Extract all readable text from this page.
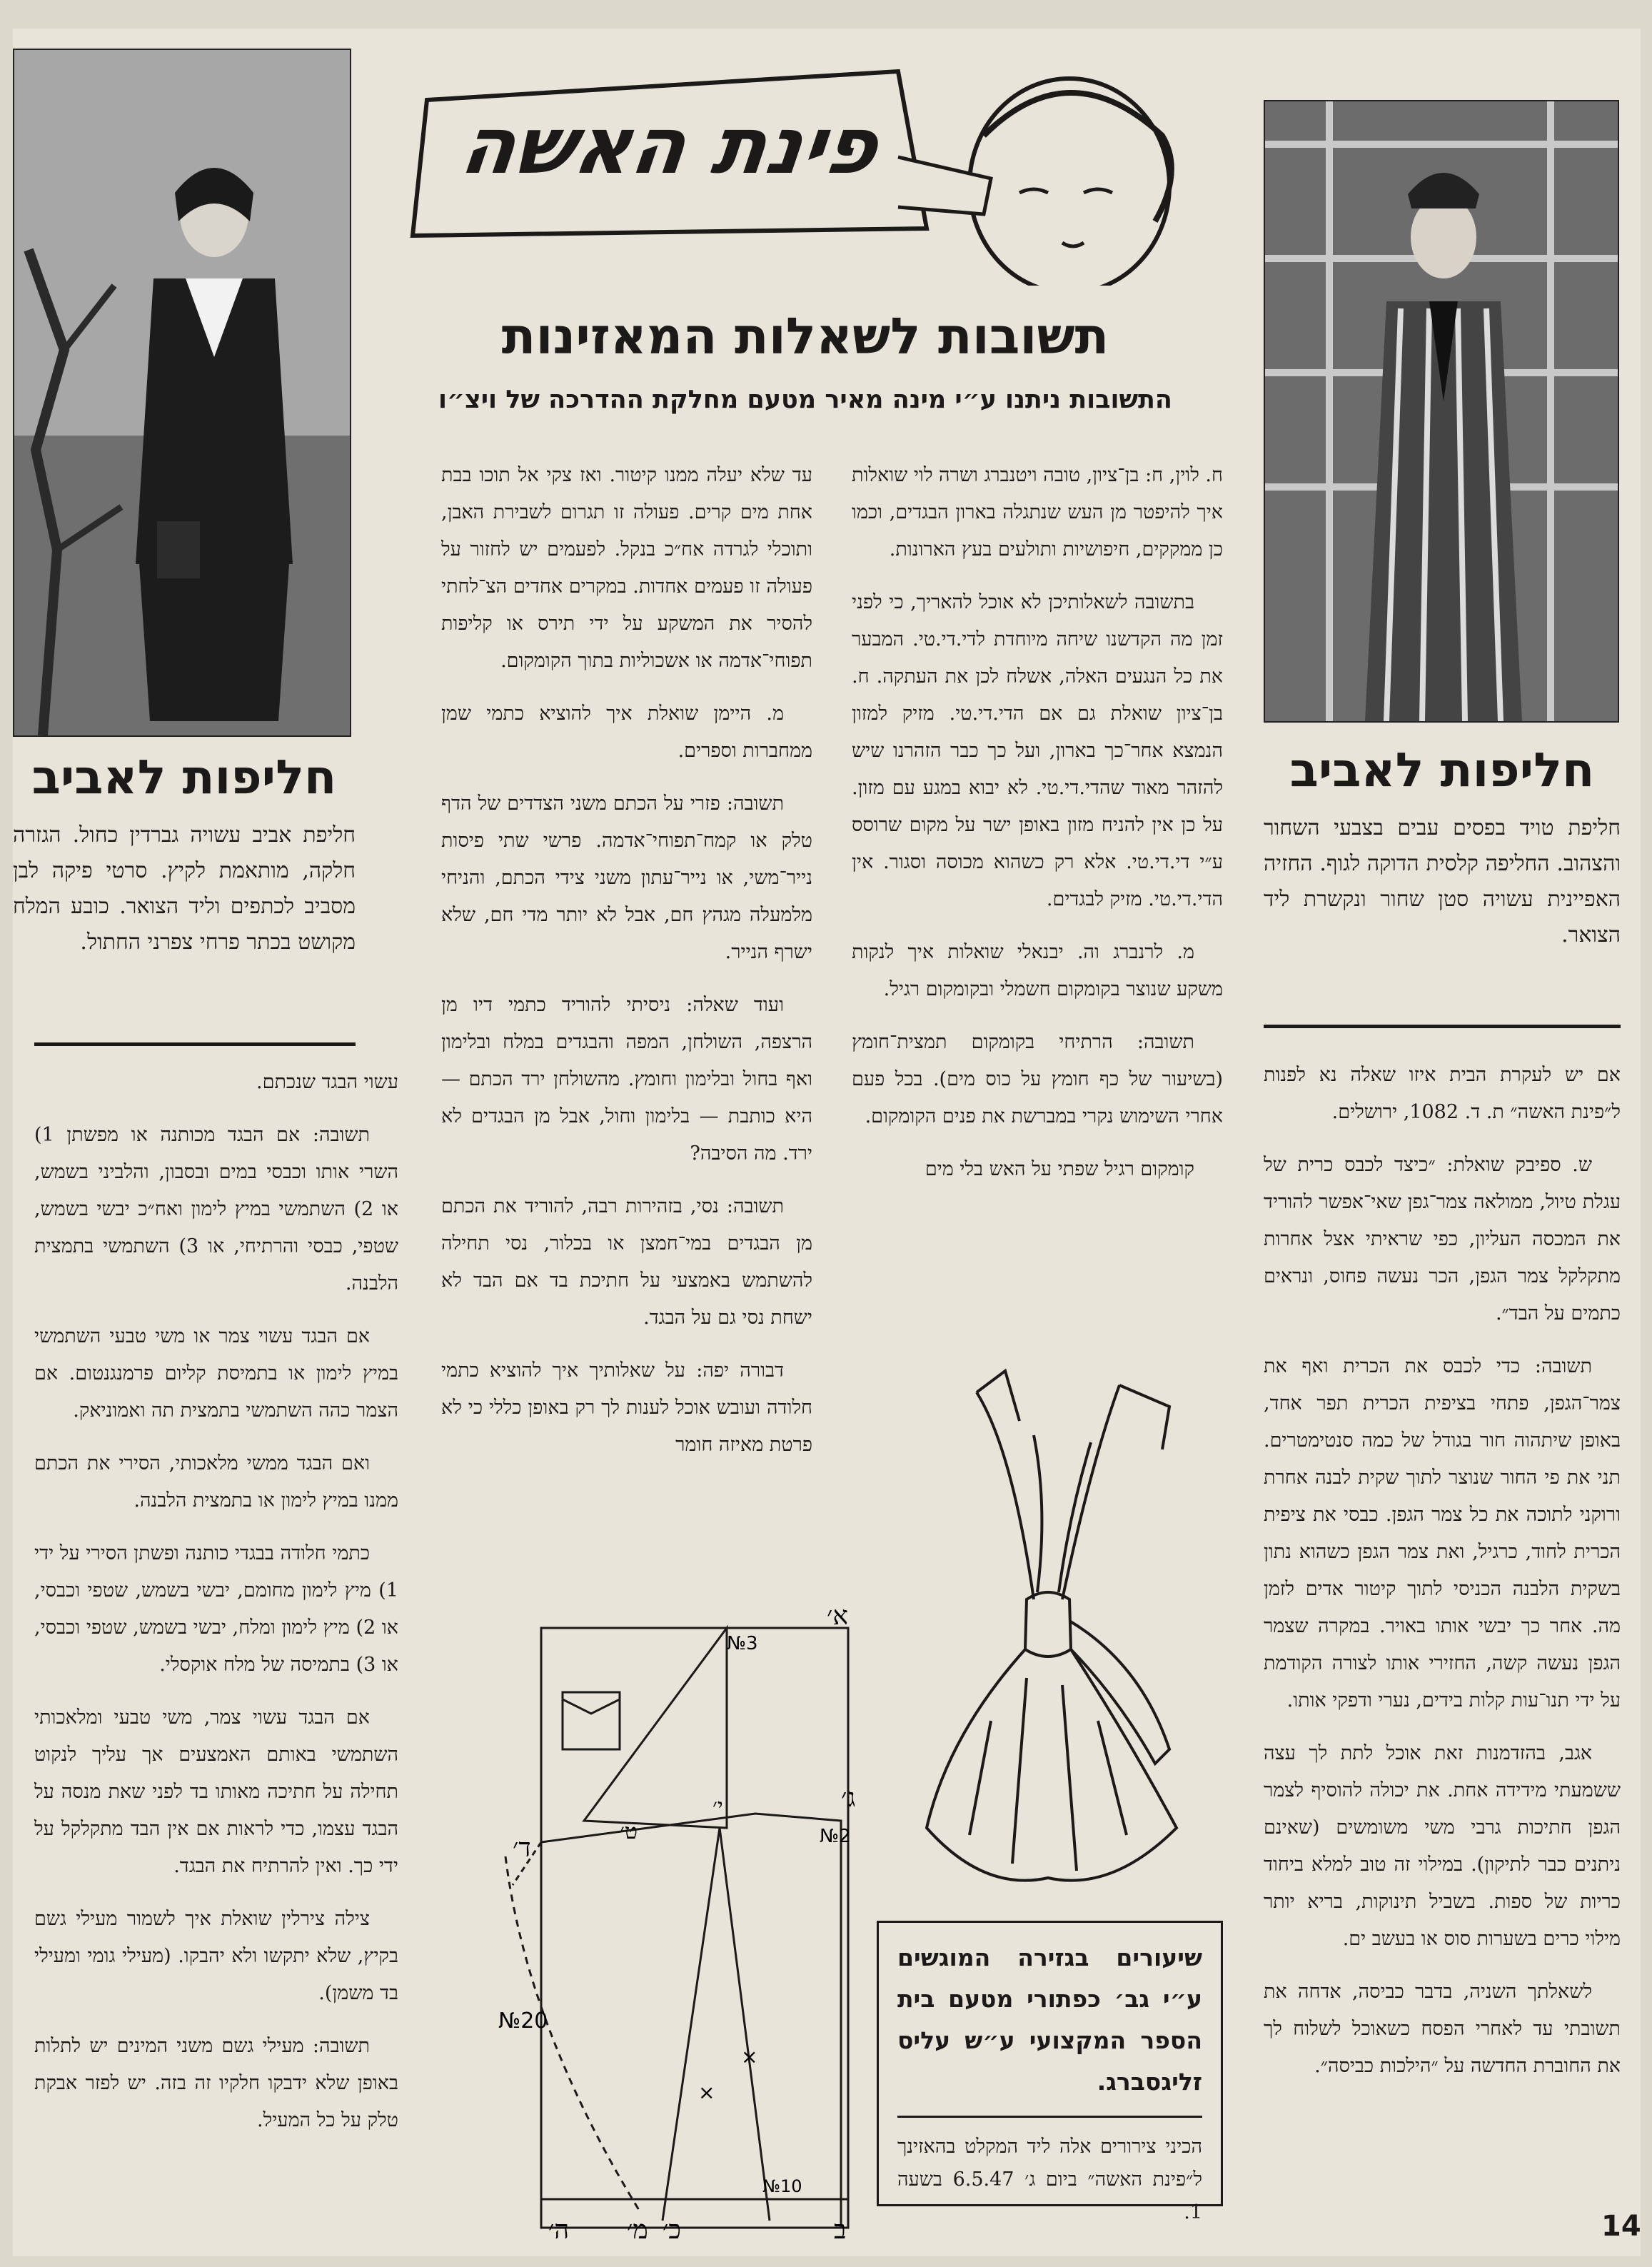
חליפות לאביב
חליפת אביב עשויה גברדין כחול. הגזרה חלקה, מותאמת לקיץ. סרטי פיקה לבן מסביב לכתפים וליד הצואר. כובע המלח מקושט בכתר פרחי צפרני החתול.
חליפות לאביב
חליפת טויד בפסים עבים בצבעי השחור והצהוב. החליפה קלסית הדוקה לגוף. החזיה האפיינית עשויה סטן שחור ונקשרת ליד הצואר.
פינת האשה
תשובות לשאלות המאזינות
התשובות ניתנו ע״י מינה מאיר מטעם מחלקת ההדרכה של ויצ״ו

אם יש לעקרת הבית איזו שאלה נא לפנות ל״פינת האשה״ ת. ד. 1082, ירושלים.

ש. ספיבק שואלת: ״כיצד לכבס כרית של עגלת טיול, ממולאה צמר־גפן שאי־אפשר להוריד את המכסה העליון, כפי שראיתי אצל אחרות מתקלקל צמר הגפן, הכר נעשה פחוס, ונראים כתמים על הבד״.

תשובה: כדי לכבס את הכרית ואף את צמר־הגפן, פתחי בציפית הכרית תפר אחד, באופן שיתהוה חור בגודל של כמה סנטימטרים. תני את פי החור שנוצר לתוך שקית לבנה אחרת ורוקני לתוכה את כל צמר הגפן. כבסי את ציפית הכרית לחוד, כרגיל, ואת צמר הגפן כשהוא נתון בשקית הלבנה הכניסי לתוך קיטור אדים לזמן מה. אחר כך יבשי אותו באויר. במקרה שצמר הגפן נעשה קשה, החזירי אותו לצורה הקודמת על ידי תנו־עות קלות בידים, נערי ודפקי אותו.

אגב, בהזדמנות זאת אוכל לתת לך עצה ששמעתי מידידה אחת. את יכולה להוסיף לצמר הגפן חתיכות גרבי משי משומשים (שאינם ניתנים כבר לתיקון). במילוי זה טוב למלא ביחוד כריות של ספות. בשביל תינוקות, בריא יותר מילוי כרים בשערות סוס או בעשב ים.

לשאלתך השניה, בדבר כביסה, אדחה את תשובתי עד לאחרי הפסח כשאוכל לשלוח לך את החוברת החדשה על ״הילכות כביסה״.

ח. לוין, ח: בן־ציון, טובה ויטנברג ושרה לוי שואלות איך להיפטר מן העש שנתגלה בארון הבגדים, וכמו כן ממקקים, חיפושיות ותולעים בעץ הארונות.

בתשובה לשאלותיכן לא אוכל להאריך, כי לפני זמן מה הקדשנו שיחה מיוחדת לדי.די.טי. המבער את כל הנגעים האלה, אשלח לכן את העתקה. ח. בן־ציון שואלת גם אם הדי.די.טי. מזיק למזון הנמצא אחר־כך בארון, ועל כך כבר הזהרנו שיש להזהר מאוד שהדי.די.טי. לא יבוא במגע עם מזון. על כן אין להניח מזון באופן ישר על מקום שרוסס ע״י די.די.טי. אלא רק כשהוא מכוסה וסגור. אין הדי.די.טי. מזיק לבגדים.

מ. לרנברג וה. יבנאלי שואלות איך לנקות משקע שנוצר בקומקום חשמלי ובקומקום רגיל.

תשובה: הרתיחי בקומקום תמצית־חומץ (בשיעור של כף חומץ על כוס מים). בכל פעם אחרי השימוש נקרי במברשת את פנים הקומקום.

קומקום רגיל שפתי על האש בלי מים

עד שלא יעלה ממנו קיטור. ואז צקי אל תוכו בבת אחת מים קרים. פעולה זו תגרום לשבירת האבן, ותוכלי לגרדה אח״כ בנקל. לפעמים יש לחזור על פעולה זו פעמים אחדות. במקרים אחדים הצ־לחתי להסיר את המשקע על ידי תירס או קליפות תפוחי־אדמה או אשכוליות בתוך הקומקום.

מ. היימן שואלת איך להוציא כתמי שמן ממחברות וספרים.

תשובה: פזרי על הכתם משני הצדדים של הדף טלק או קמח־תפוחי־אדמה. פרשי שתי פיסות נייר־משי, או נייר־עתון משני צידי הכתם, והניחי מלמעלה מגהץ חם, אבל לא יותר מדי חם, שלא ישרף הנייר.

ועוד שאלה: ניסיתי להוריד כתמי דיו מן הרצפה, השולחן, המפה והבגדים במלח ובלימון ואף בחול ובלימון וחומץ. מהשולחן ירד הכתם — היא כותבת — בלימון וחול, אבל מן הבגדים לא ירד. מה הסיבה?

תשובה: נסי, בזהירות רבה, להוריד את הכתם מן הבגדים במי־חמצן או בכלור, נסי תחילה להשתמש באמצעי על חתיכת בד אם הבד לא ישחת נסי גם על הבגד.

דבורה יפה: על שאלותיך איך להוציא כתמי חלודה ועובש אוכל לענות לך רק באופן כללי כי לא פרטת מאיזה חומר

עשוי הבגד שנכתם.

תשובה: אם הבגד מכותנה או מפשתן 1) השרי אותו וכבסי במים ובסבון, והלביני בשמש, או 2) השתמשי במיץ לימון ואח״כ יבשי בשמש, שטפי, כבסי והרתיחי, או 3) השתמשי בתמצית הלבנה.

אם הבגד עשוי צמר או משי טבעי השתמשי במיץ לימון או בתמיסת קליום פרמנגנטום. אם הצמר כהה השתמשי בתמצית תה ואמוניאק.

ואם הבגד ממשי מלאכותי, הסירי את הכתם ממנו במיץ לימון או בתמצית הלבנה.

כתמי חלודה בבגדי כותנה ופשתן הסירי על ידי 1) מיץ לימון מחומם, יבשי בשמש, שטפי וכבסי, או 2) מיץ לימון ומלח, יבשי בשמש, שטפי וכבסי, או 3) בתמיסה של מלח אוקסלי.

אם הבגד עשוי צמר, משי טבעי ומלאכותי השתמשי באותם האמצעים אך עליך לנקוט תחילה על חתיכה מאותו בד לפני שאת מנסה על הבגד עצמו, כדי לראות אם אין הבד מתקלקל על ידי כך. ואין להרתיח את הבגד.

צילה צירלין שואלת איך לשמור מעילי גשם בקיץ, שלא יתקשו ולא יהבקו. (מעילי גומי ומעילי בד משמן).

תשובה: מעילי גשם משני המינים יש לתלות באופן שלא ידבקו חלקיו זה בזה. יש לפזר אבקת טלק על כל המעיל.

שיעורים בגזירה המוגשים ע״י גב׳ כפתורי מטעם בית הספר המקצועי ע״ש עליס זליגסברג.
הכיני צירורים אלה ליד המקלט בהאזינך ל״פינת האשה״ ביום ג׳ 6.5.47 בשעה 1.
№3
№2
№20
№10
א׳
ג׳
ד׳
ה׳	ב
כ׳
מ׳
ט׳
י׳
×
×
14
